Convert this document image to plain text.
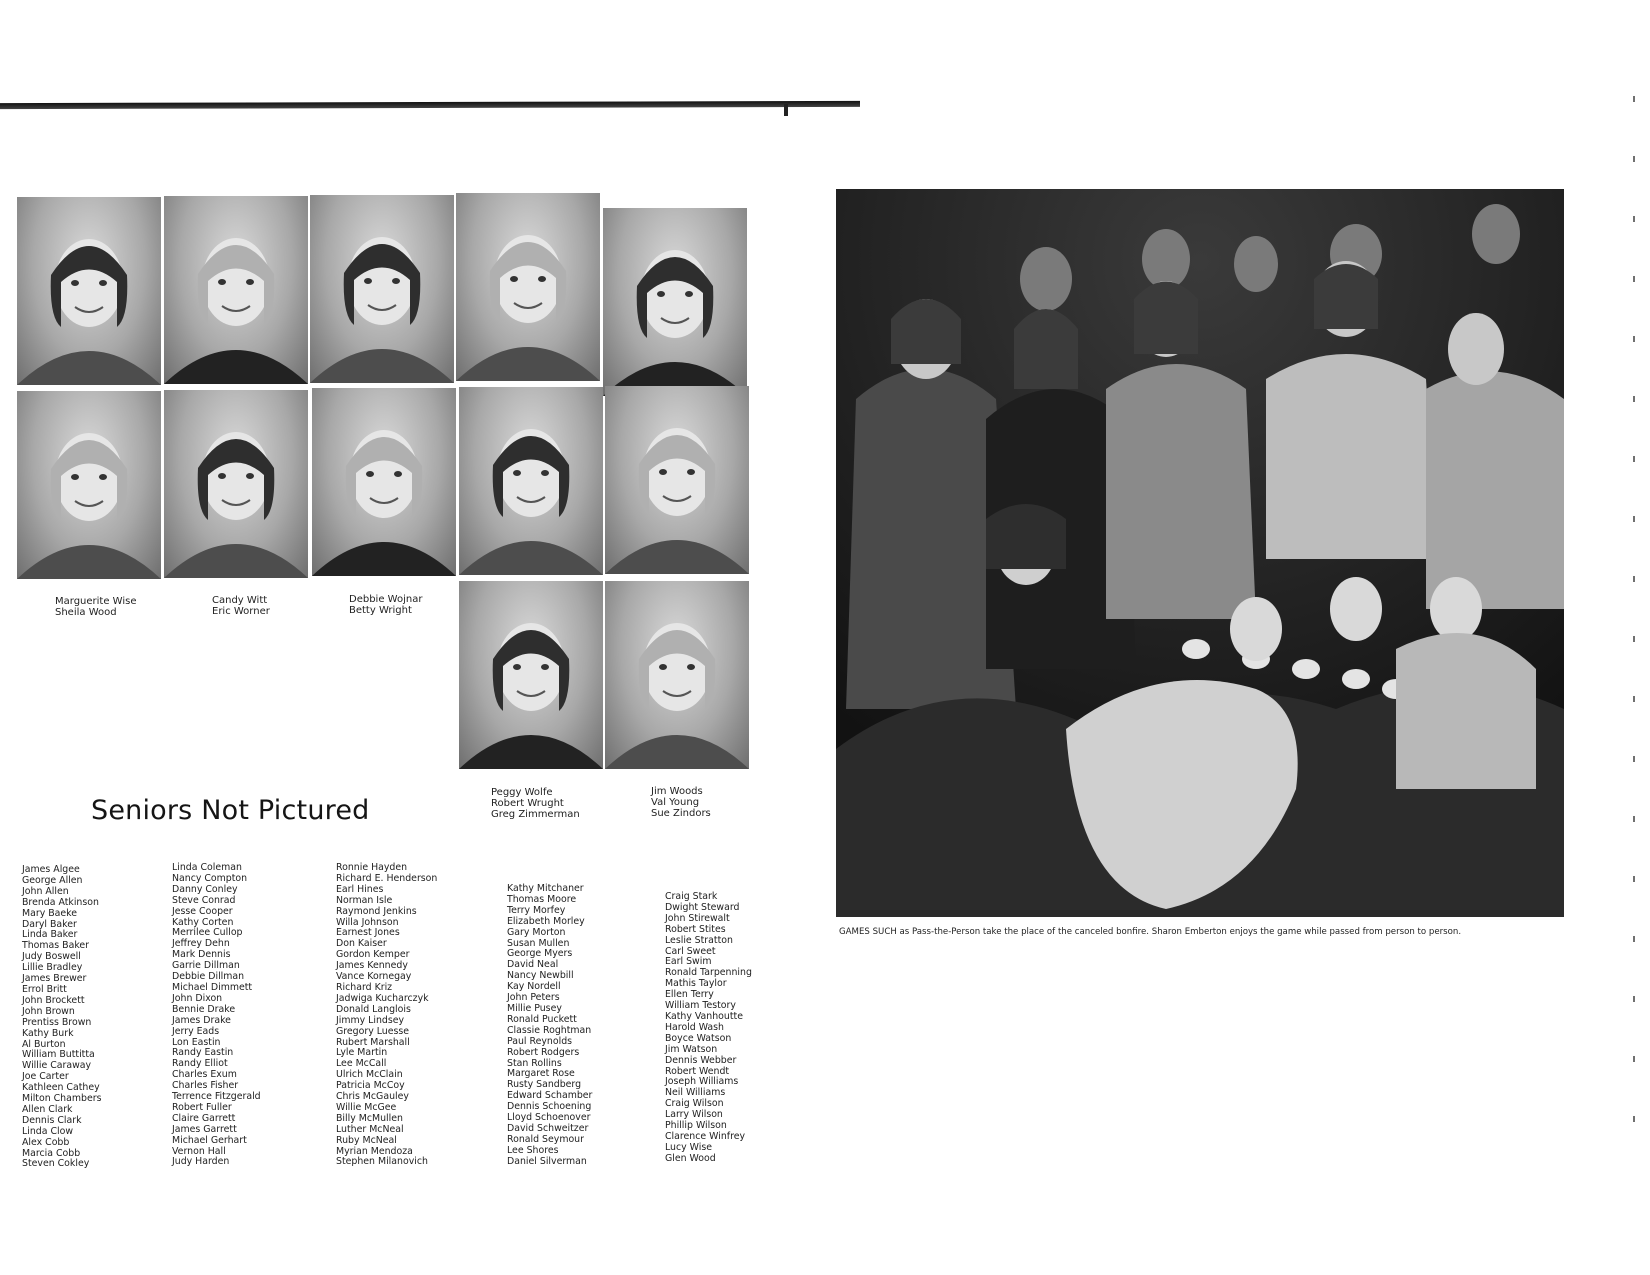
Marguerite Wise
Sheila Wood
Candy Witt
Eric Worner
Debbie Wojnar
Betty Wright
Peggy Wolfe
Robert Wrught
Greg Zimmerman
Jim Woods
Val Young
Sue Zindors
Seniors Not Pictured
James Algee
George Allen
John Allen
Brenda Atkinson
Mary Baeke
Daryl Baker
Linda Baker
Thomas Baker
Judy Boswell
Lillie Bradley
James Brewer
Errol Britt
John Brockett
John Brown
Prentiss Brown
Kathy Burk
Al Burton
William Buttitta
Willie Caraway
Joe Carter
Kathleen Cathey
Milton Chambers
Allen Clark
Dennis Clark
Linda Clow
Alex Cobb
Marcia Cobb
Steven Cokley
Linda Coleman
Nancy Compton
Danny Conley
Steve Conrad
Jesse Cooper
Kathy Corten
Merrilee Cullop
Jeffrey Dehn
Mark Dennis
Garrie Dillman
Debbie Dillman
Michael Dimmett
John Dixon
Bennie Drake
James Drake
Jerry Eads
Lon Eastin
Randy Eastin
Randy Elliot
Charles Exum
Charles Fisher
Terrence Fitzgerald
Robert Fuller
Claire Garrett
James Garrett
Michael Gerhart
Vernon Hall
Judy Harden
Ronnie Hayden
Richard E. Henderson
Earl Hines
Norman Isle
Raymond Jenkins
Willa Johnson
Earnest Jones
Don Kaiser
Gordon Kemper
James Kennedy
Vance Kornegay
Richard Kriz
Jadwiga Kucharczyk
Donald Langlois
Jimmy Lindsey
Gregory Luesse
Rubert Marshall
Lyle Martin
Lee McCall
Ulrich McClain
Patricia McCoy
Chris McGauley
Willie McGee
Billy McMullen
Luther McNeal
Ruby McNeal
Myrian Mendoza
Stephen Milanovich
Kathy Mitchaner
Thomas Moore
Terry Morfey
Elizabeth Morley
Gary Morton
Susan Mullen
George Myers
David Neal
Nancy Newbill
Kay Nordell
John Peters
Millie Pusey
Ronald Puckett
Classie Roghtman
Paul Reynolds
Robert Rodgers
Stan Rollins
Margaret Rose
Rusty Sandberg
Edward Schamber
Dennis Schoening
Lloyd Schoenover
David Schweitzer
Ronald Seymour
Lee Shores
Daniel Silverman
Craig Stark
Dwight Steward
John Stirewalt
Robert Stites
Leslie Stratton
Carl Sweet
Earl Swim
Ronald Tarpenning
Mathis Taylor
Ellen Terry
William Testory
Kathy Vanhoutte
Harold Wash
Boyce Watson
Jim Watson
Dennis Webber
Robert Wendt
Joseph Williams
Neil Williams
Craig Wilson
Larry Wilson
Phillip Wilson
Clarence Winfrey
Lucy Wise
Glen Wood
GAMES SUCH as Pass-the-Person take the place of the canceled bonfire. Sharon Emberton enjoys the game while passed from person to person.
